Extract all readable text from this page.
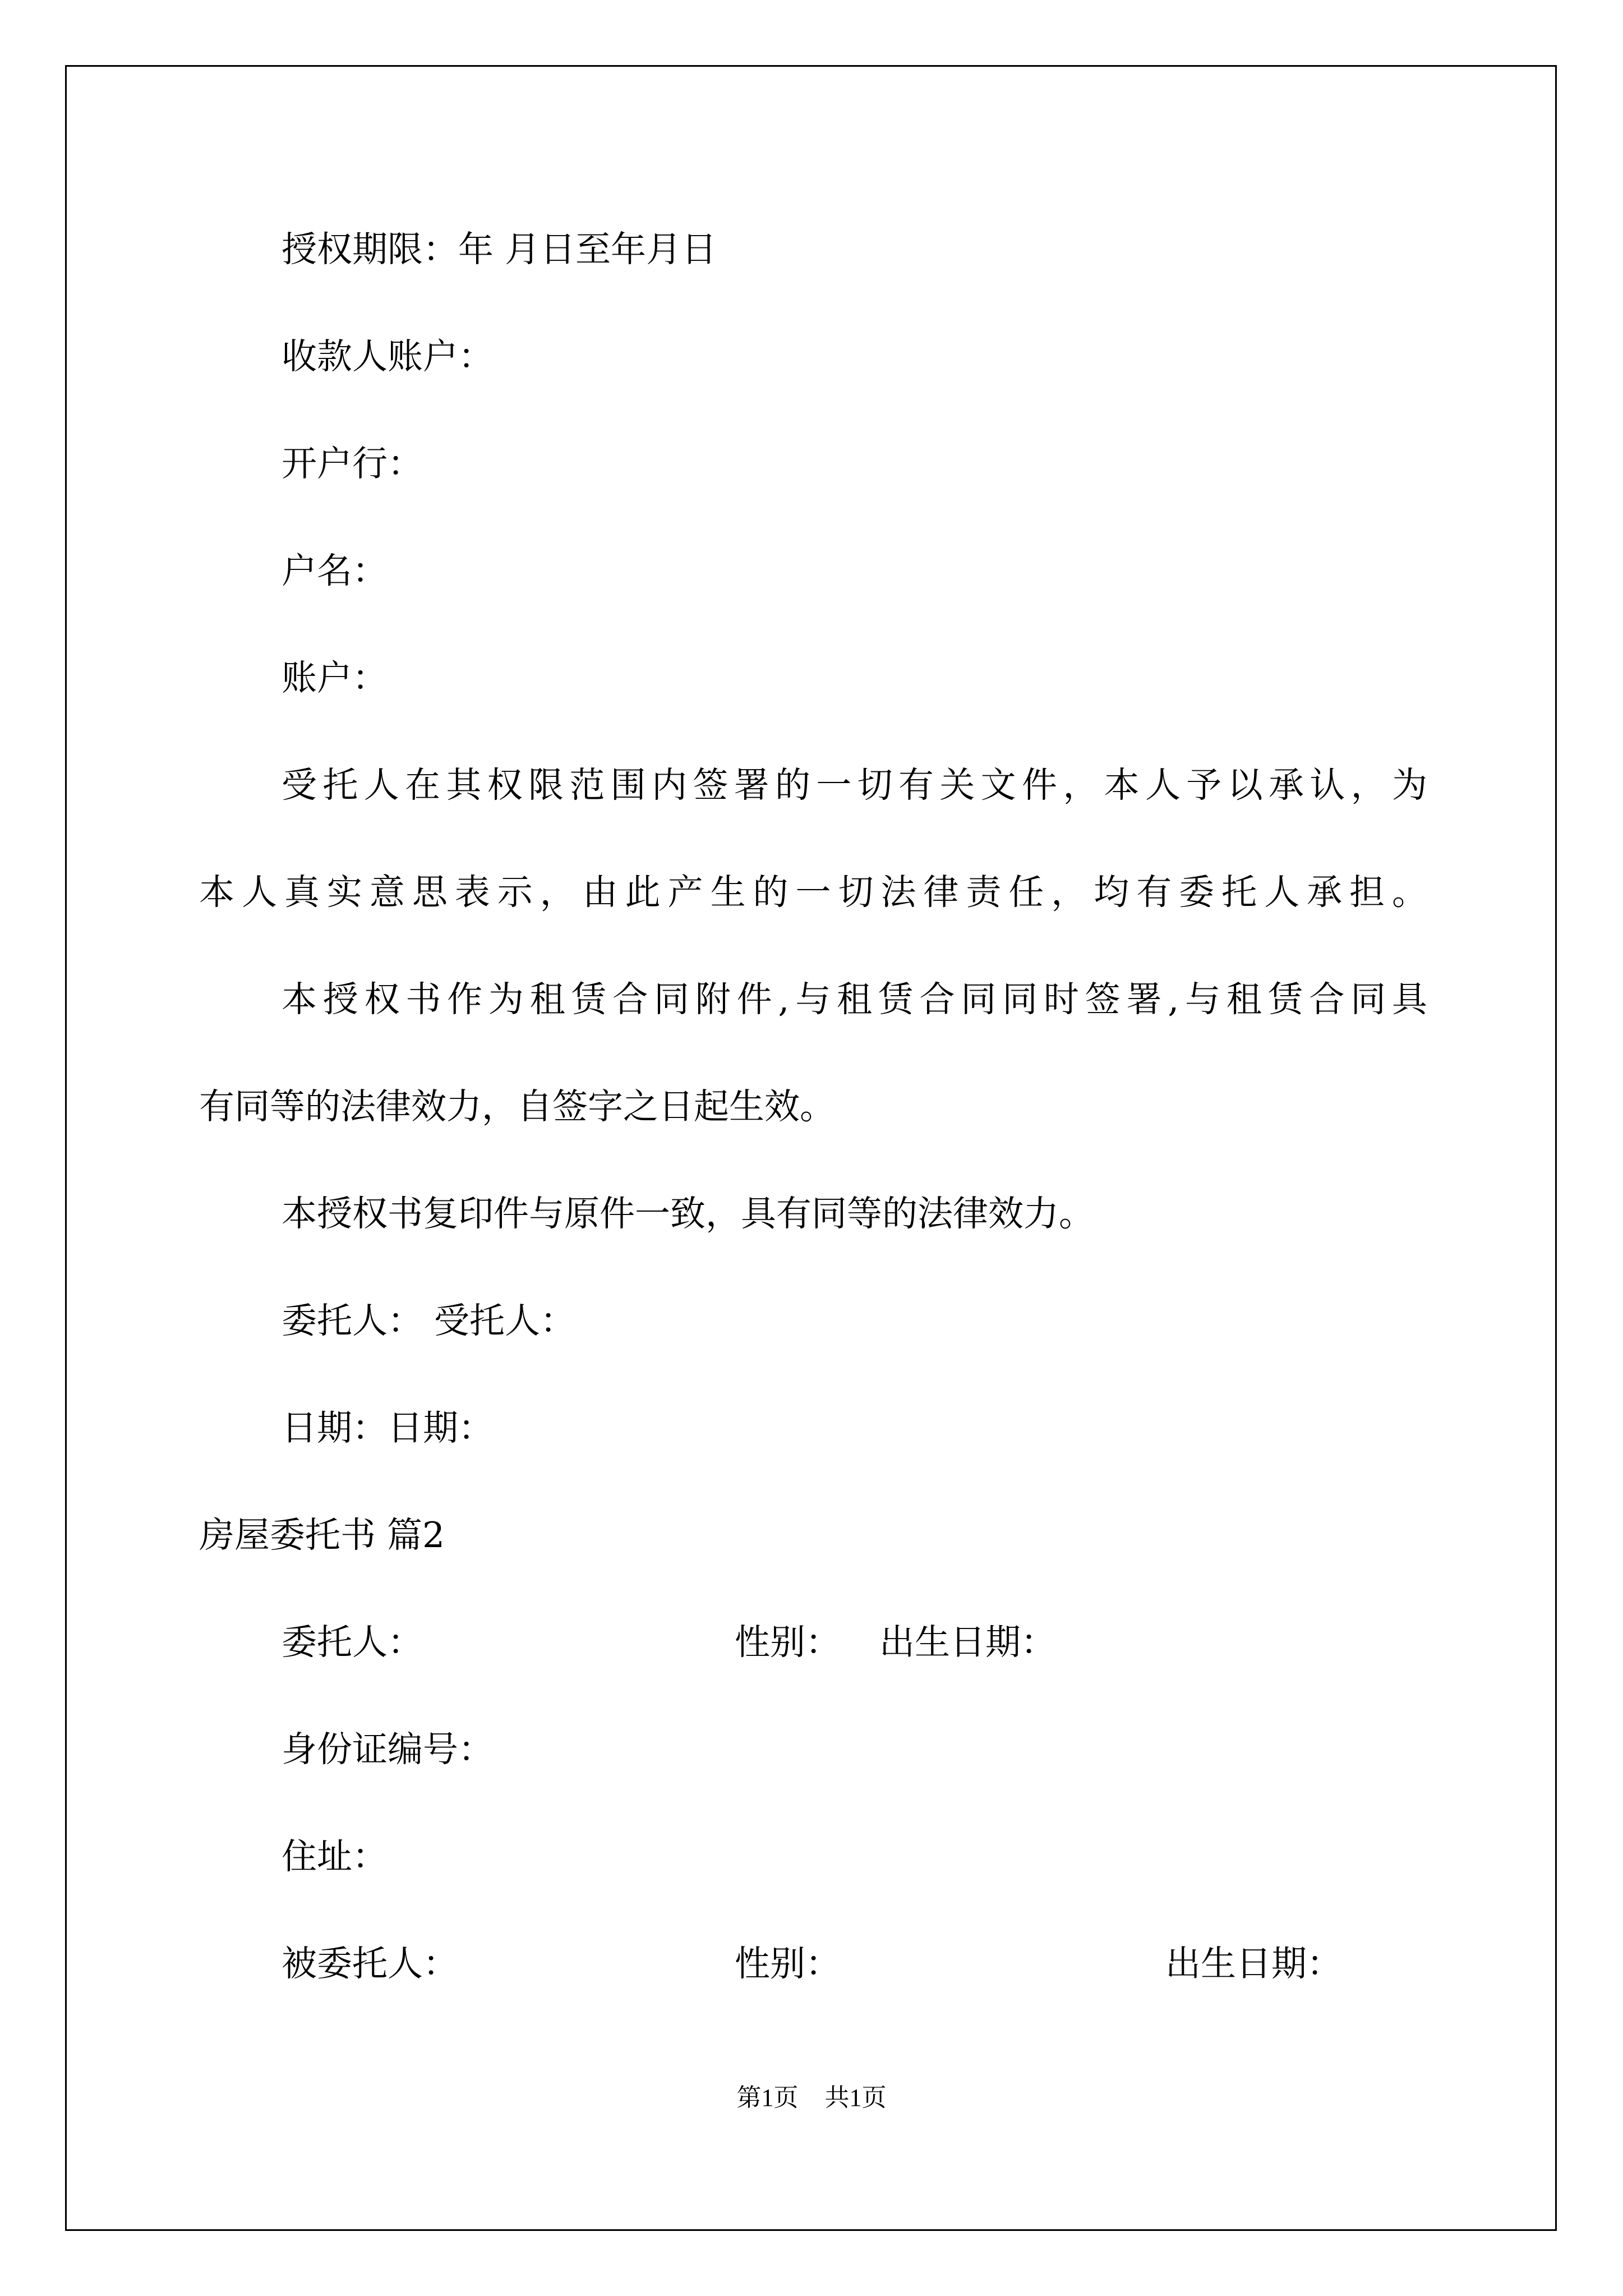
授权期限：年 月日至年月日
收款人账户：
开户行：
户名：
账户：
受托人在其权限范围内签署的一切有关文件，本人予以承认，为
本人真实意思表示，由此产生的一切法律责任，均有委托人承担。
本授权书作为租赁合同附件,与租赁合同同时签署,与租赁合同具
有同等的法律效力，自签字之日起生效。
本授权书复印件与原件一致，具有同等的法律效力。
委托人： 受托人：
日期：日期：
房屋委托书 篇2
委托人：	性别： 出生日期：
身份证编号：
住址：
被委托人：	性别：	出生日期：
第1页 共1页
